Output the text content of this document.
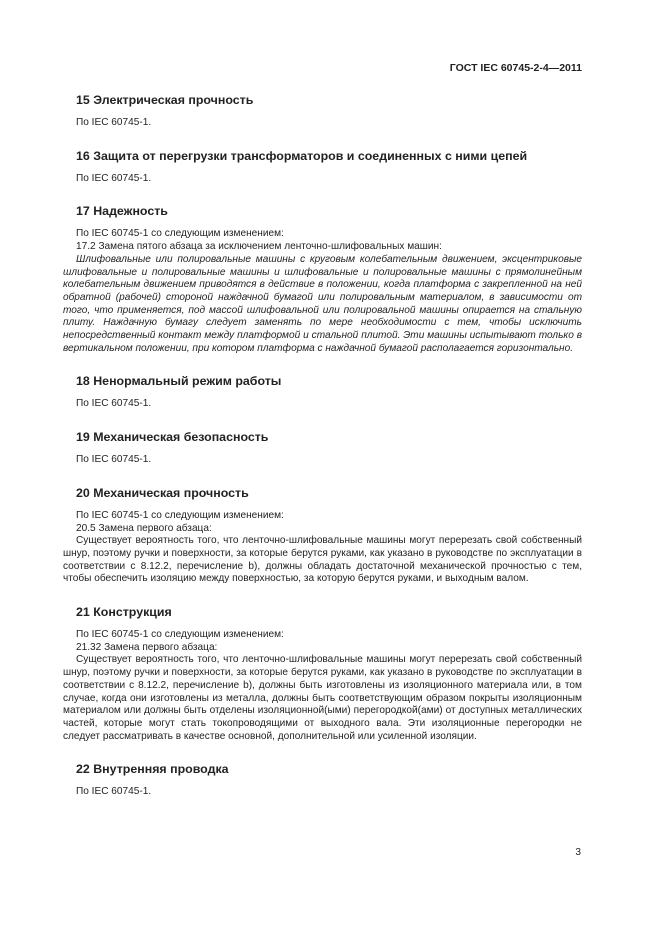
ГОСТ IEC 60745-2-4—2011
15 Электрическая прочность
По IEC 60745-1.
16 Защита от перегрузки трансформаторов и соединенных с ними цепей
По IEC 60745-1.
17 Надежность
По IEC 60745-1 со следующим изменением:
17.2 Замена пятого абзаца за исключением ленточно-шлифовальных машин:
Шлифовальные или полировальные машины с круговым колебательным движением, эксцентриковые шлифовальные и полировальные машины и шлифовальные и полировальные машины с прямолинейным колебательным движением приводятся в действие в положении, когда платформа с закрепленной на ней обратной (рабочей) стороной наждачной бумагой или полировальным материалом, в зависимости от того, что применяется, под массой шлифовальной или полировальной машины опирается на стальную плиту. Наждачную бумагу следует заменять по мере необходимости с тем, чтобы исключить непосредственный контакт между платформой и стальной плитой. Эти машины испытывают только в вертикальном положении, при котором платформа с наждачной бумагой располагается горизонтально.
18 Ненормальный режим работы
По IEC 60745-1.
19 Механическая безопасность
По IEC 60745-1.
20 Механическая прочность
По IEC 60745-1 со следующим изменением:
20.5 Замена первого абзаца:
Существует вероятность того, что ленточно-шлифовальные машины могут перерезать свой собственный шнур, поэтому ручки и поверхности, за которые берутся руками, как указано в руководстве по эксплуатации в соответствии с 8.12.2, перечисление b), должны обладать достаточной механической прочностью с тем, чтобы обеспечить изоляцию между поверхностью, за которую берутся руками, и выходным валом.
21 Конструкция
По IEC 60745-1 со следующим изменением:
21.32 Замена первого абзаца:
Существует вероятность того, что ленточно-шлифовальные машины могут перерезать свой собственный шнур, поэтому ручки и поверхности, за которые берутся руками, как указано в руководстве по эксплуатации в соответствии с 8.12.2, перечисление b), должны быть изготовлены из изоляционного материала или, в том случае, когда они изготовлены из металла, должны быть соответствующим образом покрыты изоляционным материалом или должны быть отделены изоляционной(ыми) перегородкой(ами) от доступных металлических частей, которые могут стать токопроводящими от выходного вала. Эти изоляционные перегородки не следует рассматривать в качестве основной, дополнительной или усиленной изоляции.
22 Внутренняя проводка
По IEC 60745-1.
3
